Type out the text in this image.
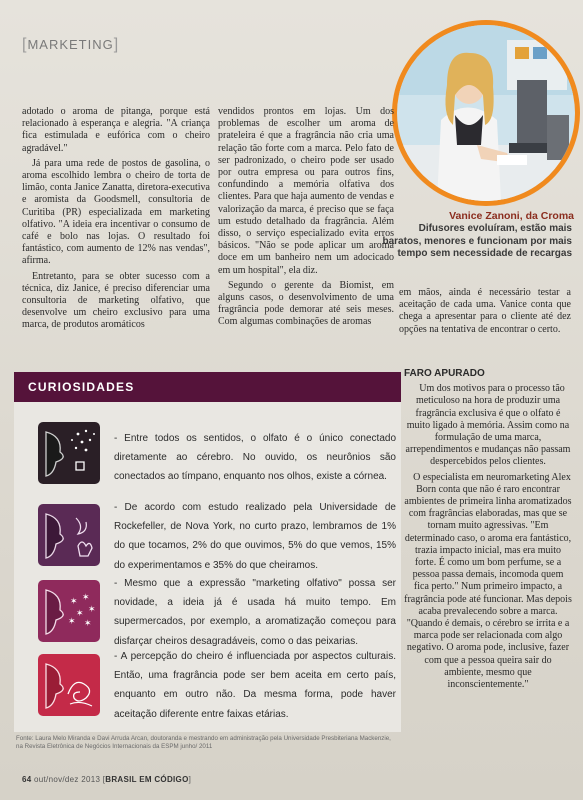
[MARKETING]
Vanice Zanoni, da Croma
Difusores evoluíram, estão mais baratos, menores e funcionam por mais tempo sem necessidade de recargas

adotado o aroma de pitanga, porque está relacionado à esperança e alegria. "A criança fica estimulada e eufórica com o cheiro agradável."

Já para uma rede de postos de gasolina, o aroma escolhido lembra o cheiro de torta de limão, conta Janice Zanatta, diretora-executiva e aromista da Goodsmell, consultoria de Curitiba (PR) especializada em marketing olfativo. "A ideia era incentivar o consumo de café e bolo nas lojas. O resultado foi fantástico, com aumento de 12% nas vendas", afirma.

Entretanto, para se obter sucesso com a técnica, diz Janice, é preciso diferenciar uma consultoria de marketing olfativo, que desenvolve um cheiro exclusivo para uma marca, de produtos aromáticos

vendidos prontos em lojas. Um dos problemas de escolher um aroma de prateleira é que a fragrância não cria uma relação tão forte com a marca. Pelo fato de ser padronizado, o cheiro pode ser usado por outra empresa ou para outros fins, confundindo a memória olfativa dos clientes. Para que haja aumento de vendas e valorização da marca, é preciso que se faça um estudo detalhado da fragrância. Além disso, o serviço especializado evita erros básicos. "Não se pode aplicar um aroma doce em um banheiro nem um adocicado em um hospital", ela diz.

Segundo o gerente da Biomist, em alguns casos, o desenvolvimento de uma fragrância pode demorar até seis meses. Com algumas combinações de aromas

em mãos, ainda é necessário testar a aceitação de cada uma. Vanice conta que chega a apresentar para o cliente até dez opções na tentativa de encontrar o certo.

FARO APURADO

Um dos motivos para o processo tão meticuloso na hora de produzir uma fragrância exclusiva é que o olfato é muito ligado à memória. Assim como na formulação de uma marca, arrependimentos e mudanças não passam despercebidos pelos clientes.

O especialista em neuromarketing Alex Born conta que não é raro encontrar ambientes de primeira linha aromatizados com fragrâncias elaboradas, mas que se tornam muito agressivas. "Em determinado caso, o aroma era fantástico, trazia impacto inicial, mas era muito forte. É como um bom perfume, se a pessoa passa demais, incomoda quem fica perto." Num primeiro impacto, a fragrância pode até funcionar. Mas depois acaba prevalecendo sobre a marca. "Quando é demais, o cérebro se irrita e a marca pode ser relacionada com algo negativo. O aroma pode, inclusive, fazer com que a pessoa queira sair do ambiente, mesmo que inconscientemente."

CURIOSIDADES
- Entre todos os sentidos, o olfato é o único conectado diretamente ao cérebro. No ouvido, os neurônios são conectados ao tímpano, enquanto nos olhos, existe a córnea.
- De acordo com estudo realizado pela Universidade de Rockefeller, de Nova York, no curto prazo, lembramos de 1% do que tocamos, 2% do que ouvimos, 5% do que vemos, 15% do experimentamos e 35% do que cheiramos.
✶ ✶
✶ ✶
✶ ✶
- Mesmo que a expressão "marketing olfativo" possa ser novidade, a ideia já é usada há muito tempo. Em supermercados, por exemplo, a aromatização começou para disfarçar cheiros desagradáveis, como o das peixarias.
- A percepção do cheiro é influenciada por aspectos culturais. Então, uma fragrância pode ser bem aceita em certo país, enquanto em outro não. Da mesma forma, pode haver aceitação diferente entre faixas etárias.
Fonte: Laura Melo Miranda e Davi Arruda Arcan, doutoranda e mestrando em administração pela Universidade Presbiteriana Mackenzie, na Revista Eletrônica de Negócios Internacionais da ESPM junho/ 2011
64 out/nov/dez 2013 [BRASIL EM CÓDIGO]
